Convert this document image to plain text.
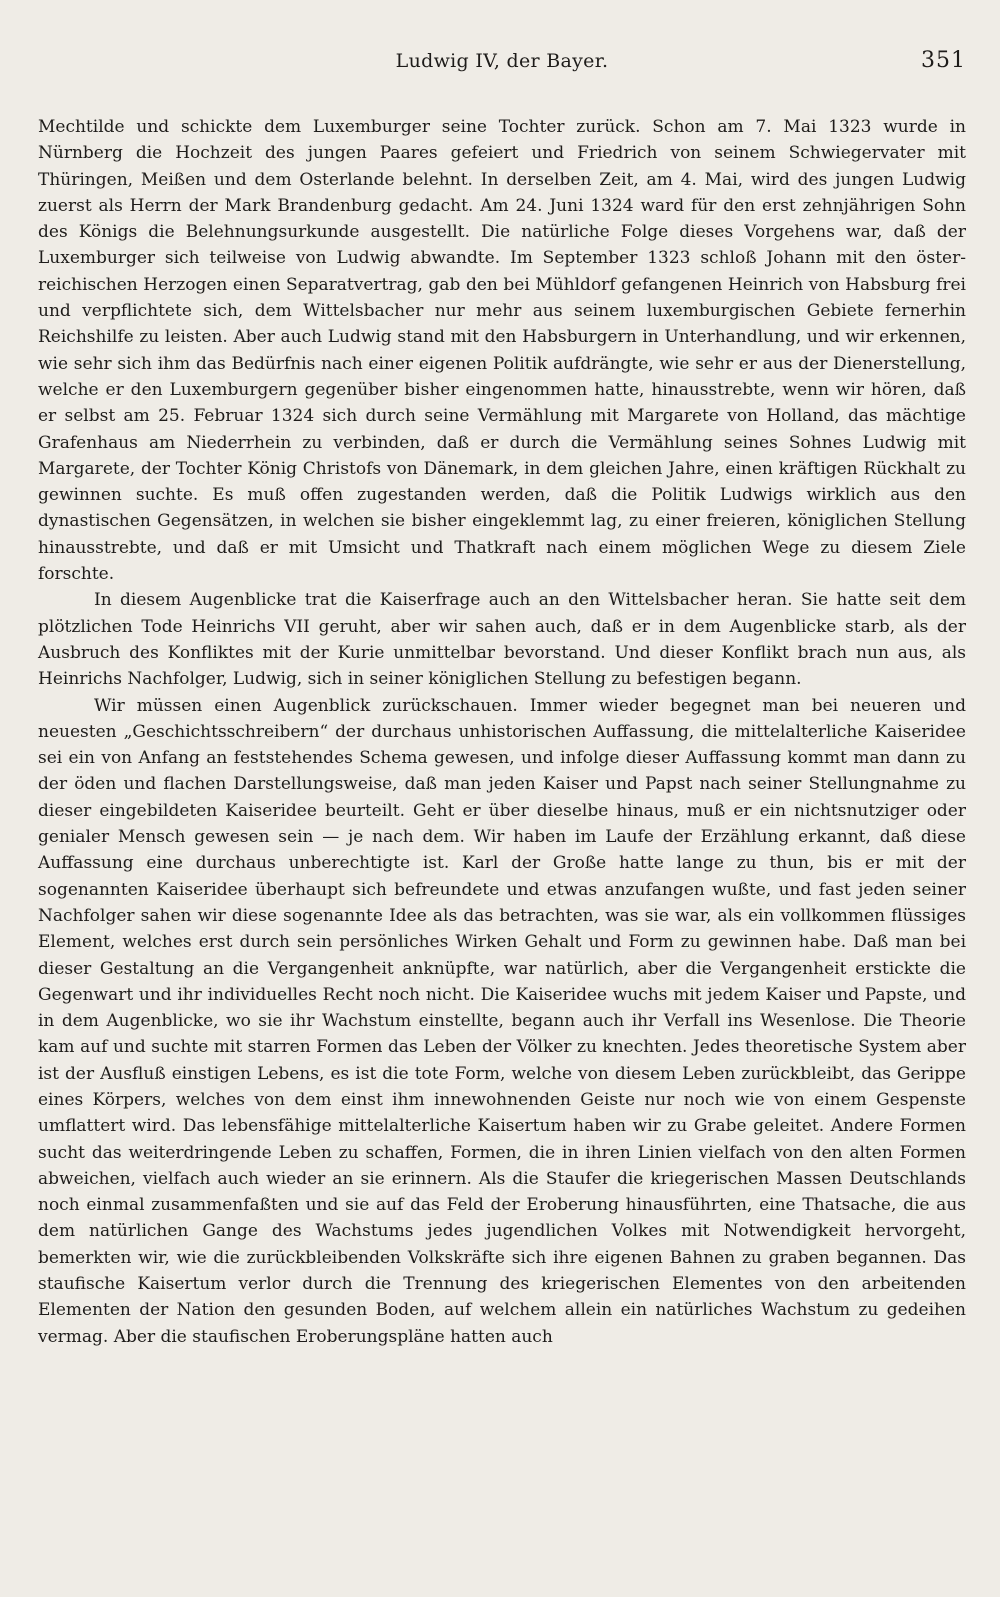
Ludwig IV, der Bayer.	351

Mechtilde und schickte dem Luxemburger seine Tochter zurück. Schon am 7. Mai 1323 wurde in Nürnberg die Hochzeit des jungen Paares gefeiert und Friedrich von seinem Schwiegervater mit Thüringen, Meißen und dem Osterlande belehnt. In derselben Zeit, am 4. Mai, wird des jungen Ludwig zuerst als Herrn der Mark Brandenburg gedacht. Am 24. Juni 1324 ward für den erst zehnjährigen Sohn des Königs die Belehnungsurkunde ausgestellt. Die natürliche Folge dieses Vorgehens war, daß der Luxemburger sich teilweise von Ludwig abwandte. Im September 1323 schloß Johann mit den österreichischen Herzogen einen Separatvertrag, gab den bei Mühldorf gefangenen Heinrich von Habsburg frei und verpflichtete sich, dem Wittelsbacher nur mehr aus seinem luxemburgischen Gebiete fernerhin Reichshilfe zu leisten. Aber auch Ludwig stand mit den Habsburgern in Unterhandlung, und wir erkennen, wie sehr sich ihm das Bedürfnis nach einer eigenen Politik aufdrängte, wie sehr er aus der Dienerstellung, welche er den Luxemburgern gegenüber bisher eingenommen hatte, hinausstrebte, wenn wir hören, daß er selbst am 25. Februar 1324 sich durch seine Vermählung mit Margarete von Holland, das mächtige Grafenhaus am Niederrhein zu verbinden, daß er durch die Vermählung seines Sohnes Ludwig mit Margarete, der Tochter König Christofs von Dänemark, in dem gleichen Jahre, einen kräftigen Rückhalt zu gewinnen suchte. Es muß offen zugestanden werden, daß die Politik Ludwigs wirklich aus den dynastischen Gegensätzen, in welchen sie bisher eingeklemmt lag, zu einer freieren, königlichen Stellung hinausstrebte, und daß er mit Umsicht und Thatkraft nach einem möglichen Wege zu diesem Ziele forschte.

In diesem Augenblicke trat die Kaiserfrage auch an den Wittelsbacher heran. Sie hatte seit dem plötzlichen Tode Heinrichs VII geruht, aber wir sahen auch, daß er in dem Augenblicke starb, als der Ausbruch des Konfliktes mit der Kurie unmittelbar bevorstand. Und dieser Konflikt brach nun aus, als Heinrichs Nachfolger, Ludwig, sich in seiner königlichen Stellung zu befestigen begann.

Wir müssen einen Augenblick zurückschauen. Immer wieder begegnet man bei neueren und neuesten „Geschichtsschreibern“ der durchaus unhistorischen Auffassung, die mittelalterliche Kaiseridee sei ein von Anfang an feststehendes Schema gewesen, und infolge dieser Auffassung kommt man dann zu der öden und flachen Darstellungsweise, daß man jeden Kaiser und Papst nach seiner Stellungnahme zu dieser eingebildeten Kaiseridee beurteilt. Geht er über dieselbe hinaus, muß er ein nichtsnutziger oder genialer Mensch gewesen sein — je nach dem. Wir haben im Laufe der Erzählung erkannt, daß diese Auffassung eine durchaus unberechtigte ist. Karl der Große hatte lange zu thun, bis er mit der sogenannten Kaiseridee überhaupt sich befreundete und etwas anzufangen wußte, und fast jeden seiner Nachfolger sahen wir diese sogenannte Idee als das betrachten, was sie war, als ein vollkommen flüssiges Element, welches erst durch sein persönliches Wirken Gehalt und Form zu gewinnen habe. Daß man bei dieser Gestaltung an die Vergangenheit anknüpfte, war natürlich, aber die Vergangenheit erstickte die Gegenwart und ihr individuelles Recht noch nicht. Die Kaiseridee wuchs mit jedem Kaiser und Papste, und in dem Augenblicke, wo sie ihr Wachstum einstellte, begann auch ihr Verfall ins Wesenlose. Die Theorie kam auf und suchte mit starren Formen das Leben der Völker zu knechten. Jedes theoretische System aber ist der Ausfluß einstigen Lebens, es ist die tote Form, welche von diesem Leben zurückbleibt, das Gerippe eines Körpers, welches von dem einst ihm innewohnenden Geiste nur noch wie von einem Gespenste umflattert wird. Das lebensfähige mittelalterliche Kaisertum haben wir zu Grabe geleitet. Andere Formen sucht das weiterdringende Leben zu schaffen, Formen, die in ihren Linien vielfach von den alten Formen abweichen, vielfach auch wieder an sie erinnern. Als die Staufer die kriegerischen Massen Deutschlands noch einmal zusammenfaßten und sie auf das Feld der Eroberung hinausführten, eine Thatsache, die aus dem natürlichen Gange des Wachstums jedes jugendlichen Volkes mit Notwendigkeit hervorgeht, bemerkten wir, wie die zurückbleibenden Volkskräfte sich ihre eigenen Bahnen zu graben begannen. Das staufische Kaisertum verlor durch die Trennung des kriegerischen Elementes von den arbeitenden Elementen der Nation den gesunden Boden, auf welchem allein ein natürliches Wachstum zu gedeihen vermag. Aber die staufischen Eroberungspläne hatten auch
